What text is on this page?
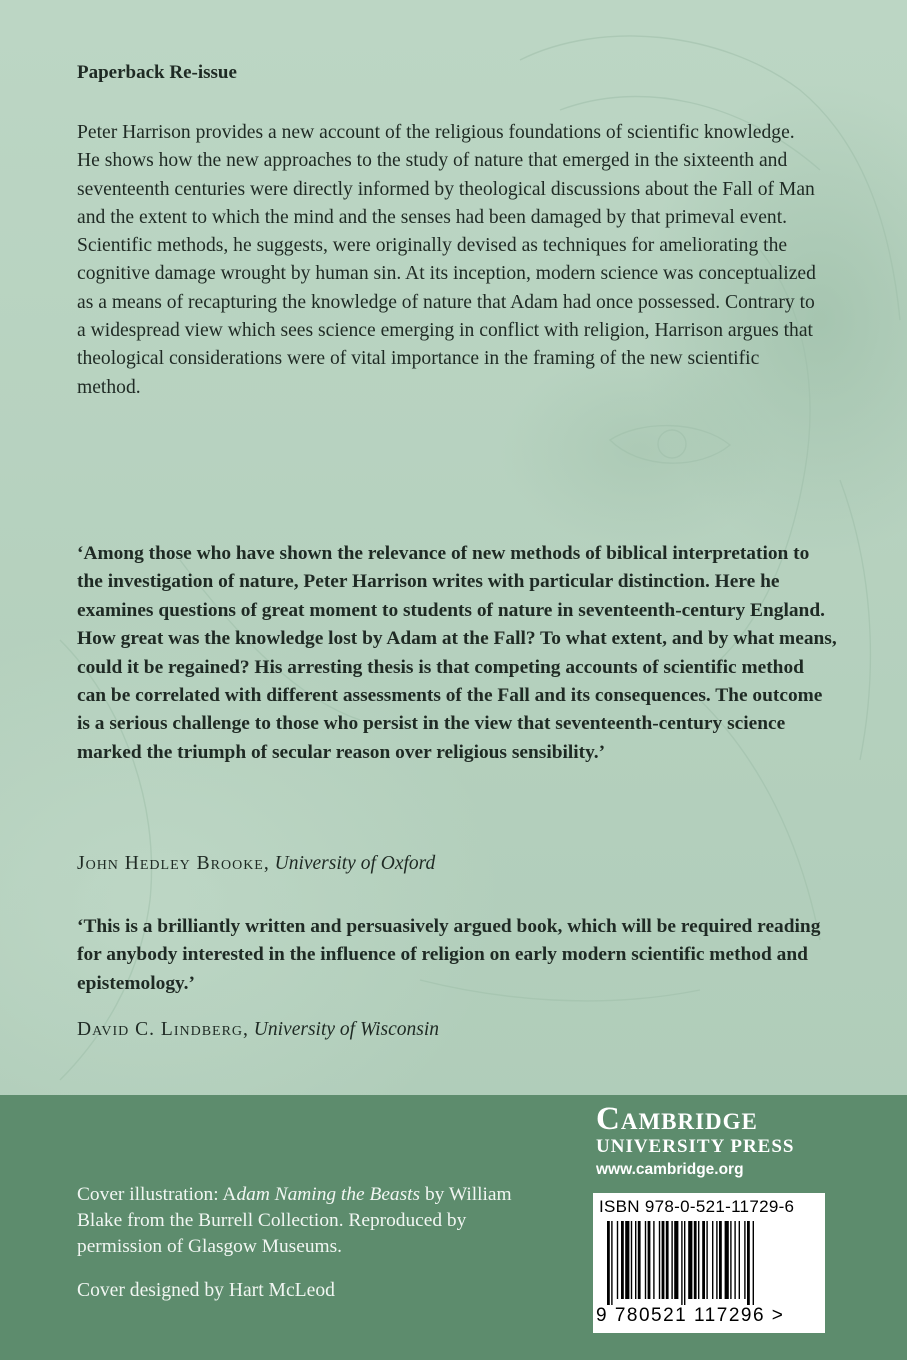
Paperback Re-issue

Peter Harrison provides a new account of the religious foundations of scientific knowledge. He shows how the new approaches to the study of nature that emerged in the sixteenth and seventeenth centuries were directly informed by theological discussions about the Fall of Man and the extent to which the mind and the senses had been damaged by that primeval event. Scientific methods, he suggests, were originally devised as techniques for ameliorating the cognitive damage wrought by human sin. At its inception, modern science was conceptualized as a means of recapturing the knowledge of nature that Adam had once possessed. Contrary to a widespread view which sees science emerging in conflict with religion, Harrison argues that theological considerations were of vital importance in the framing of the new scientific method.

‘Among those who have shown the relevance of new methods of biblical interpretation to the investigation of nature, Peter Harrison writes with particular distinction. Here he examines questions of great moment to students of nature in seventeenth-century England. How great was the knowledge lost by Adam at the Fall? To what extent, and by what means, could it be regained? His arresting thesis is that competing accounts of scientific method can be correlated with different assessments of the Fall and its consequences. The outcome is a serious challenge to those who persist in the view that seventeenth-century science marked the triumph of secular reason over religious sensibility.’

John Hedley Brooke, University of Oxford

‘This is a brilliantly written and persuasively argued book, which will be required reading for anybody interested in the influence of religion on early modern scientific method and epistemology.’

David C. Lindberg, University of Wisconsin

Cover illustration: Adam Naming the Beasts by William Blake from the Burrell Collection. Reproduced by permission of Glasgow Museums.

Cover designed by Hart McLeod
Cambridge
UNIVERSITY PRESS
www.cambridge.org
ISBN 978-0-521-11729-6
9 780521 117296 >
